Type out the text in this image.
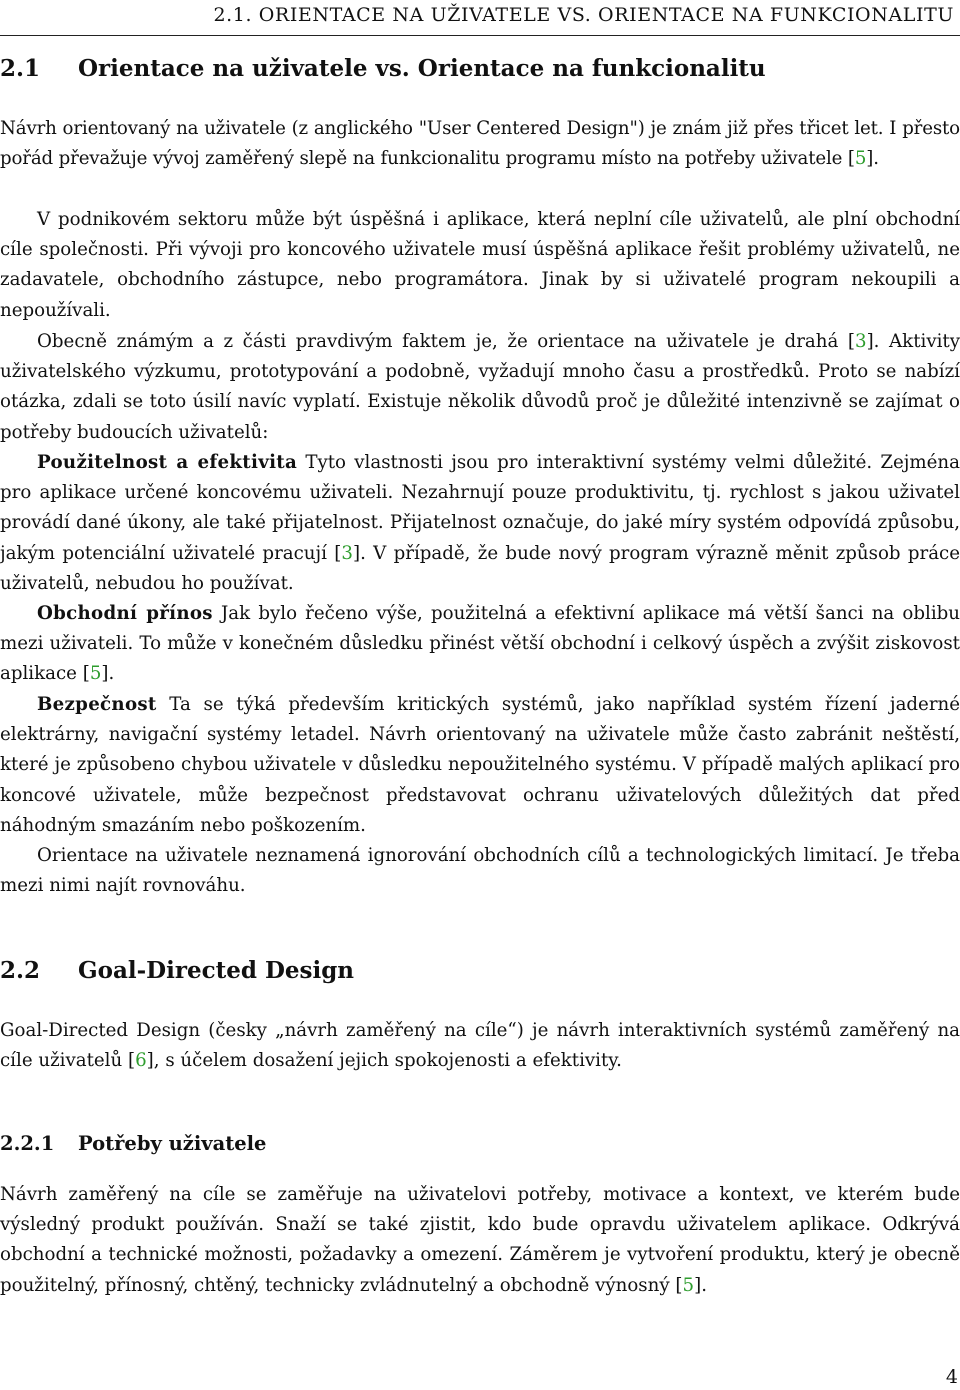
2.1. ORIENTACE NA UŽIVATELE VS. ORIENTACE NA FUNKCIONALITU
2.1 Orientace na uživatele vs. Orientace na funkcionalitu

Návrh orientovaný na uživatele (z anglického "User Centered Design") je znám již přes třicet let. I přesto pořád převažuje vývoj zaměřený slepě na funkcionalitu programu místo na potřeby uživatele [5].

V podnikovém sektoru může být úspěšná i aplikace, která neplní cíle uživatelů, ale plní obchodní cíle společnosti. Při vývoji pro koncového uživatele musí úspěšná aplikace řešit problémy uživatelů, ne zadavatele, obchodního zástupce, nebo programátora. Jinak by si uživatelé program nekoupili a nepoužívali.

Obecně známým a z části pravdivým faktem je, že orientace na uživatele je drahá [3]. Aktivity uživatelského výzkumu, prototypování a podobně, vyžadují mnoho času a prostředků. Proto se nabízí otázka, zdali se toto úsilí navíc vyplatí. Existuje několik důvodů proč je důležité intenzivně se zajímat o potřeby budoucích uživatelů:

Použitelnost a efektivita Tyto vlastnosti jsou pro interaktivní systémy velmi důležité. Zejména pro aplikace určené koncovému uživateli. Nezahrnují pouze produktivitu, tj. rychlost s jakou uživatel provádí dané úkony, ale také přijatelnost. Přijatelnost označuje, do jaké míry systém odpovídá způsobu, jakým potenciální uživatelé pracují [3]. V případě, že bude nový program výrazně měnit způsob práce uživatelů, nebudou ho používat.

Obchodní přínos Jak bylo řečeno výše, použitelná a efektivní aplikace má větší šanci na oblibu mezi uživateli. To může v konečném důsledku přinést větší obchodní i celkový úspěch a zvýšit ziskovost aplikace [5].

Bezpečnost Ta se týká především kritických systémů, jako například systém řízení jaderné elektrárny, navigační systémy letadel. Návrh orientovaný na uživatele může často zabránit neštěstí, které je způsobeno chybou uživatele v důsledku nepoužitelného systému. V případě malých aplikací pro koncové uživatele, může bezpečnost představovat ochranu uživatelových důležitých dat před náhodným smazáním nebo poškozením.

Orientace na uživatele neznamená ignorování obchodních cílů a technologických limitací. Je třeba mezi nimi najít rovnováhu.

2.2 Goal-Directed Design

Goal-Directed Design (česky „návrh zaměřený na cíle“) je návrh interaktivních systémů zaměřený na cíle uživatelů [6], s účelem dosažení jejich spokojenosti a efektivity.

2.2.1 Potřeby uživatele

Návrh zaměřený na cíle se zaměřuje na uživatelovi potřeby, motivace a kontext, ve kterém bude výsledný produkt používán. Snaží se také zjistit, kdo bude opravdu uživatelem aplikace. Odkrývá obchodní a technické možnosti, požadavky a omezení. Záměrem je vytvoření produktu, který je obecně použitelný, přínosný, chtěný, technicky zvládnutelný a obchodně výnosný [5].

4
